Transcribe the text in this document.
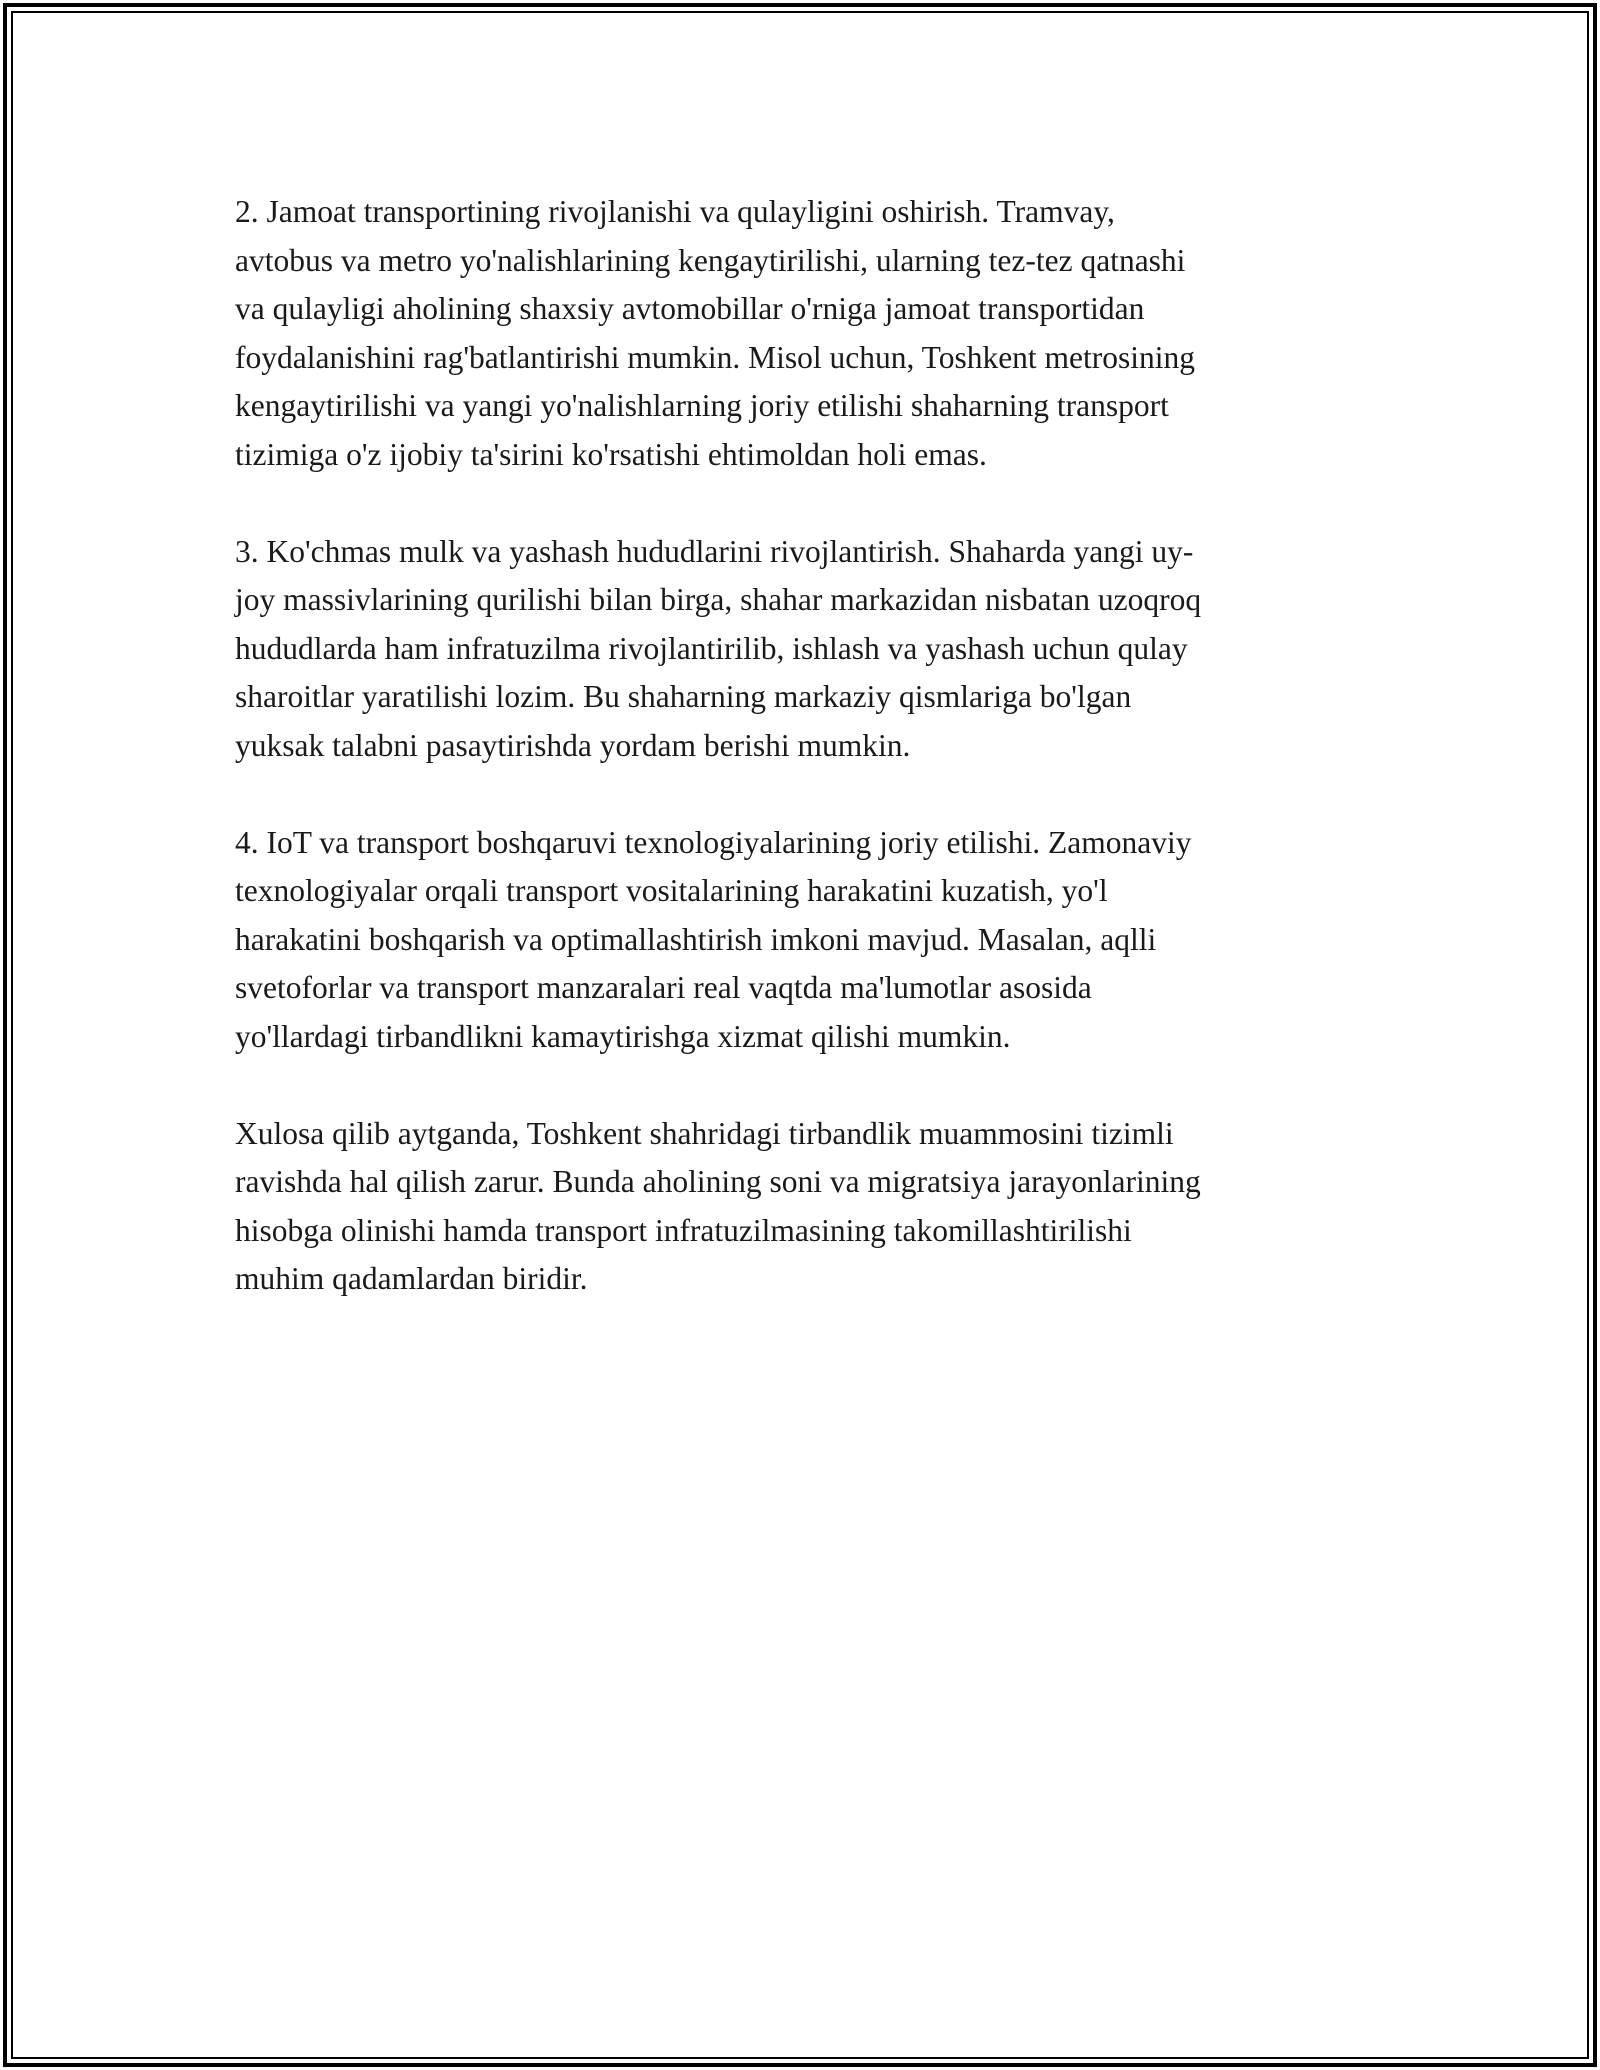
2. Jamoat transportining rivojlanishi va qulayligini oshirish. Tramvay,
avtobus va metro yo'nalishlarining kengaytirilishi, ularning tez-tez qatnashi
va qulayligi aholining shaxsiy avtomobillar o'rniga jamoat transportidan
foydalanishini rag'batlantirishi mumkin. Misol uchun, Toshkent metrosining
kengaytirilishi va yangi yo'nalishlarning joriy etilishi shaharning transport
tizimiga o'z ijobiy ta'sirini ko'rsatishi ehtimoldan holi emas.

3. Ko'chmas mulk va yashash hududlarini rivojlantirish. Shaharda yangi uy-
joy massivlarining qurilishi bilan birga, shahar markazidan nisbatan uzoqroq
hududlarda ham infratuzilma rivojlantirilib, ishlash va yashash uchun qulay
sharoitlar yaratilishi lozim. Bu shaharning markaziy qismlariga bo'lgan
yuksak talabni pasaytirishda yordam berishi mumkin.

4. IoT va transport boshqaruvi texnologiyalarining joriy etilishi. Zamonaviy
texnologiyalar orqali transport vositalarining harakatini kuzatish, yo'l
harakatini boshqarish va optimallashtirish imkoni mavjud. Masalan, aqlli
svetoforlar va transport manzaralari real vaqtda ma'lumotlar asosida
yo'llardagi tirbandlikni kamaytirishga xizmat qilishi mumkin.

Xulosa qilib aytganda, Toshkent shahridagi tirbandlik muammosini tizimli
ravishda hal qilish zarur. Bunda aholining soni va migratsiya jarayonlarining
hisobga olinishi hamda transport infratuzilmasining takomillashtirilishi
muhim qadamlardan biridir.
